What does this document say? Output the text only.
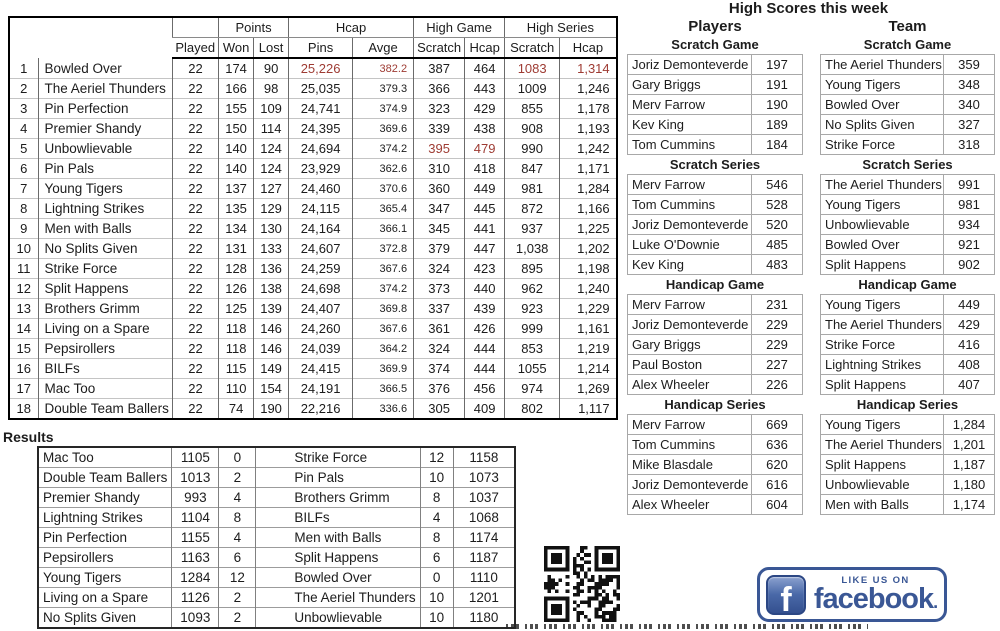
			Points		Hcap		High Game		High Series	
		Played	Won	Lost	Pins	Avge	Scratch	Hcap	Scratch	Hcap
1	Bowled Over	22	174	90	25,226	382.2	387	464	1083	1,314
2	The Aeriel Thunders	22	166	98	25,035	379.3	366	443	1009	1,246
3	Pin Perfection	22	155	109	24,741	374.9	323	429	855	1,178
4	Premier Shandy	22	150	114	24,395	369.6	339	438	908	1,193
5	Unbowlievable	22	140	124	24,694	374.2	395	479	990	1,242
6	Pin Pals	22	140	124	23,929	362.6	310	418	847	1,171
7	Young Tigers	22	137	127	24,460	370.6	360	449	981	1,284
8	Lightning Strikes	22	135	129	24,115	365.4	347	445	872	1,166
9	Men with Balls	22	134	130	24,164	366.1	345	441	937	1,225
10	No Splits Given	22	131	133	24,607	372.8	379	447	1,038	1,202
11	Strike Force	22	128	136	24,259	367.6	324	423	895	1,198
12	Split Happens	22	126	138	24,698	374.2	373	440	962	1,240
13	Brothers Grimm	22	125	139	24,407	369.8	337	439	923	1,229
14	Living on a Spare	22	118	146	24,260	367.6	361	426	999	1,161
15	Pepsirollers	22	118	146	24,039	364.2	324	444	853	1,219
16	BILFs	22	115	149	24,415	369.9	374	444	1055	1,214
17	Mac Too	22	110	154	24,191	366.5	376	456	974	1,269
18	Double Team Ballers	22	74	190	22,216	336.6	305	409	802	1,117
Results
Mac Too	1105	0	Strike Force	12	1158
Double Team Ballers	1013	2	Pin Pals	10	1073
Premier Shandy	993	4	Brothers Grimm	8	1037
Lightning Strikes	1104	8	BILFs	4	1068
Pin Perfection	1155	4	Men with Balls	8	1174
Pepsirollers	1163	6	Split Happens	6	1187
Young Tigers	1284	12	Bowled Over	0	1110
Living on a Spare	1126	2	The Aeriel Thunders	10	1201
No Splits Given	1093	2	Unbowlievable	10	1180
High Scores this week
Players
Scratch Game
Joriz Demonteverde	197
Gary Briggs	191
Merv Farrow	190
Kev King	189
Tom Cummins	184
Scratch Series
Merv Farrow	546
Tom Cummins	528
Joriz Demonteverde	520
Luke O'Downie	485
Kev King	483
Handicap Game
Merv Farrow	231
Joriz Demonteverde	229
Gary Briggs	229
Paul Boston	227
Alex Wheeler	226
Handicap Series
Merv Farrow	669
Tom Cummins	636
Mike Blasdale	620
Joriz Demonteverde	616
Alex Wheeler	604
Team
Scratch Game
The Aeriel Thunders	359
Young Tigers	348
Bowled Over	340
No Splits Given	327
Strike Force	318
Scratch Series
The Aeriel Thunders	991
Young Tigers	981
Unbowlievable	934
Bowled Over	921
Split Happens	902
Handicap Game
Young Tigers	449
The Aeriel Thunders	429
Strike Force	416
Lightning Strikes	408
Split Happens	407
Handicap Series
Young Tigers	1,284
The Aeriel Thunders	1,201
Split Happens	1,187
Unbowlievable	1,180
Men with Balls	1,174
f
LIKE US ON
facebook.
